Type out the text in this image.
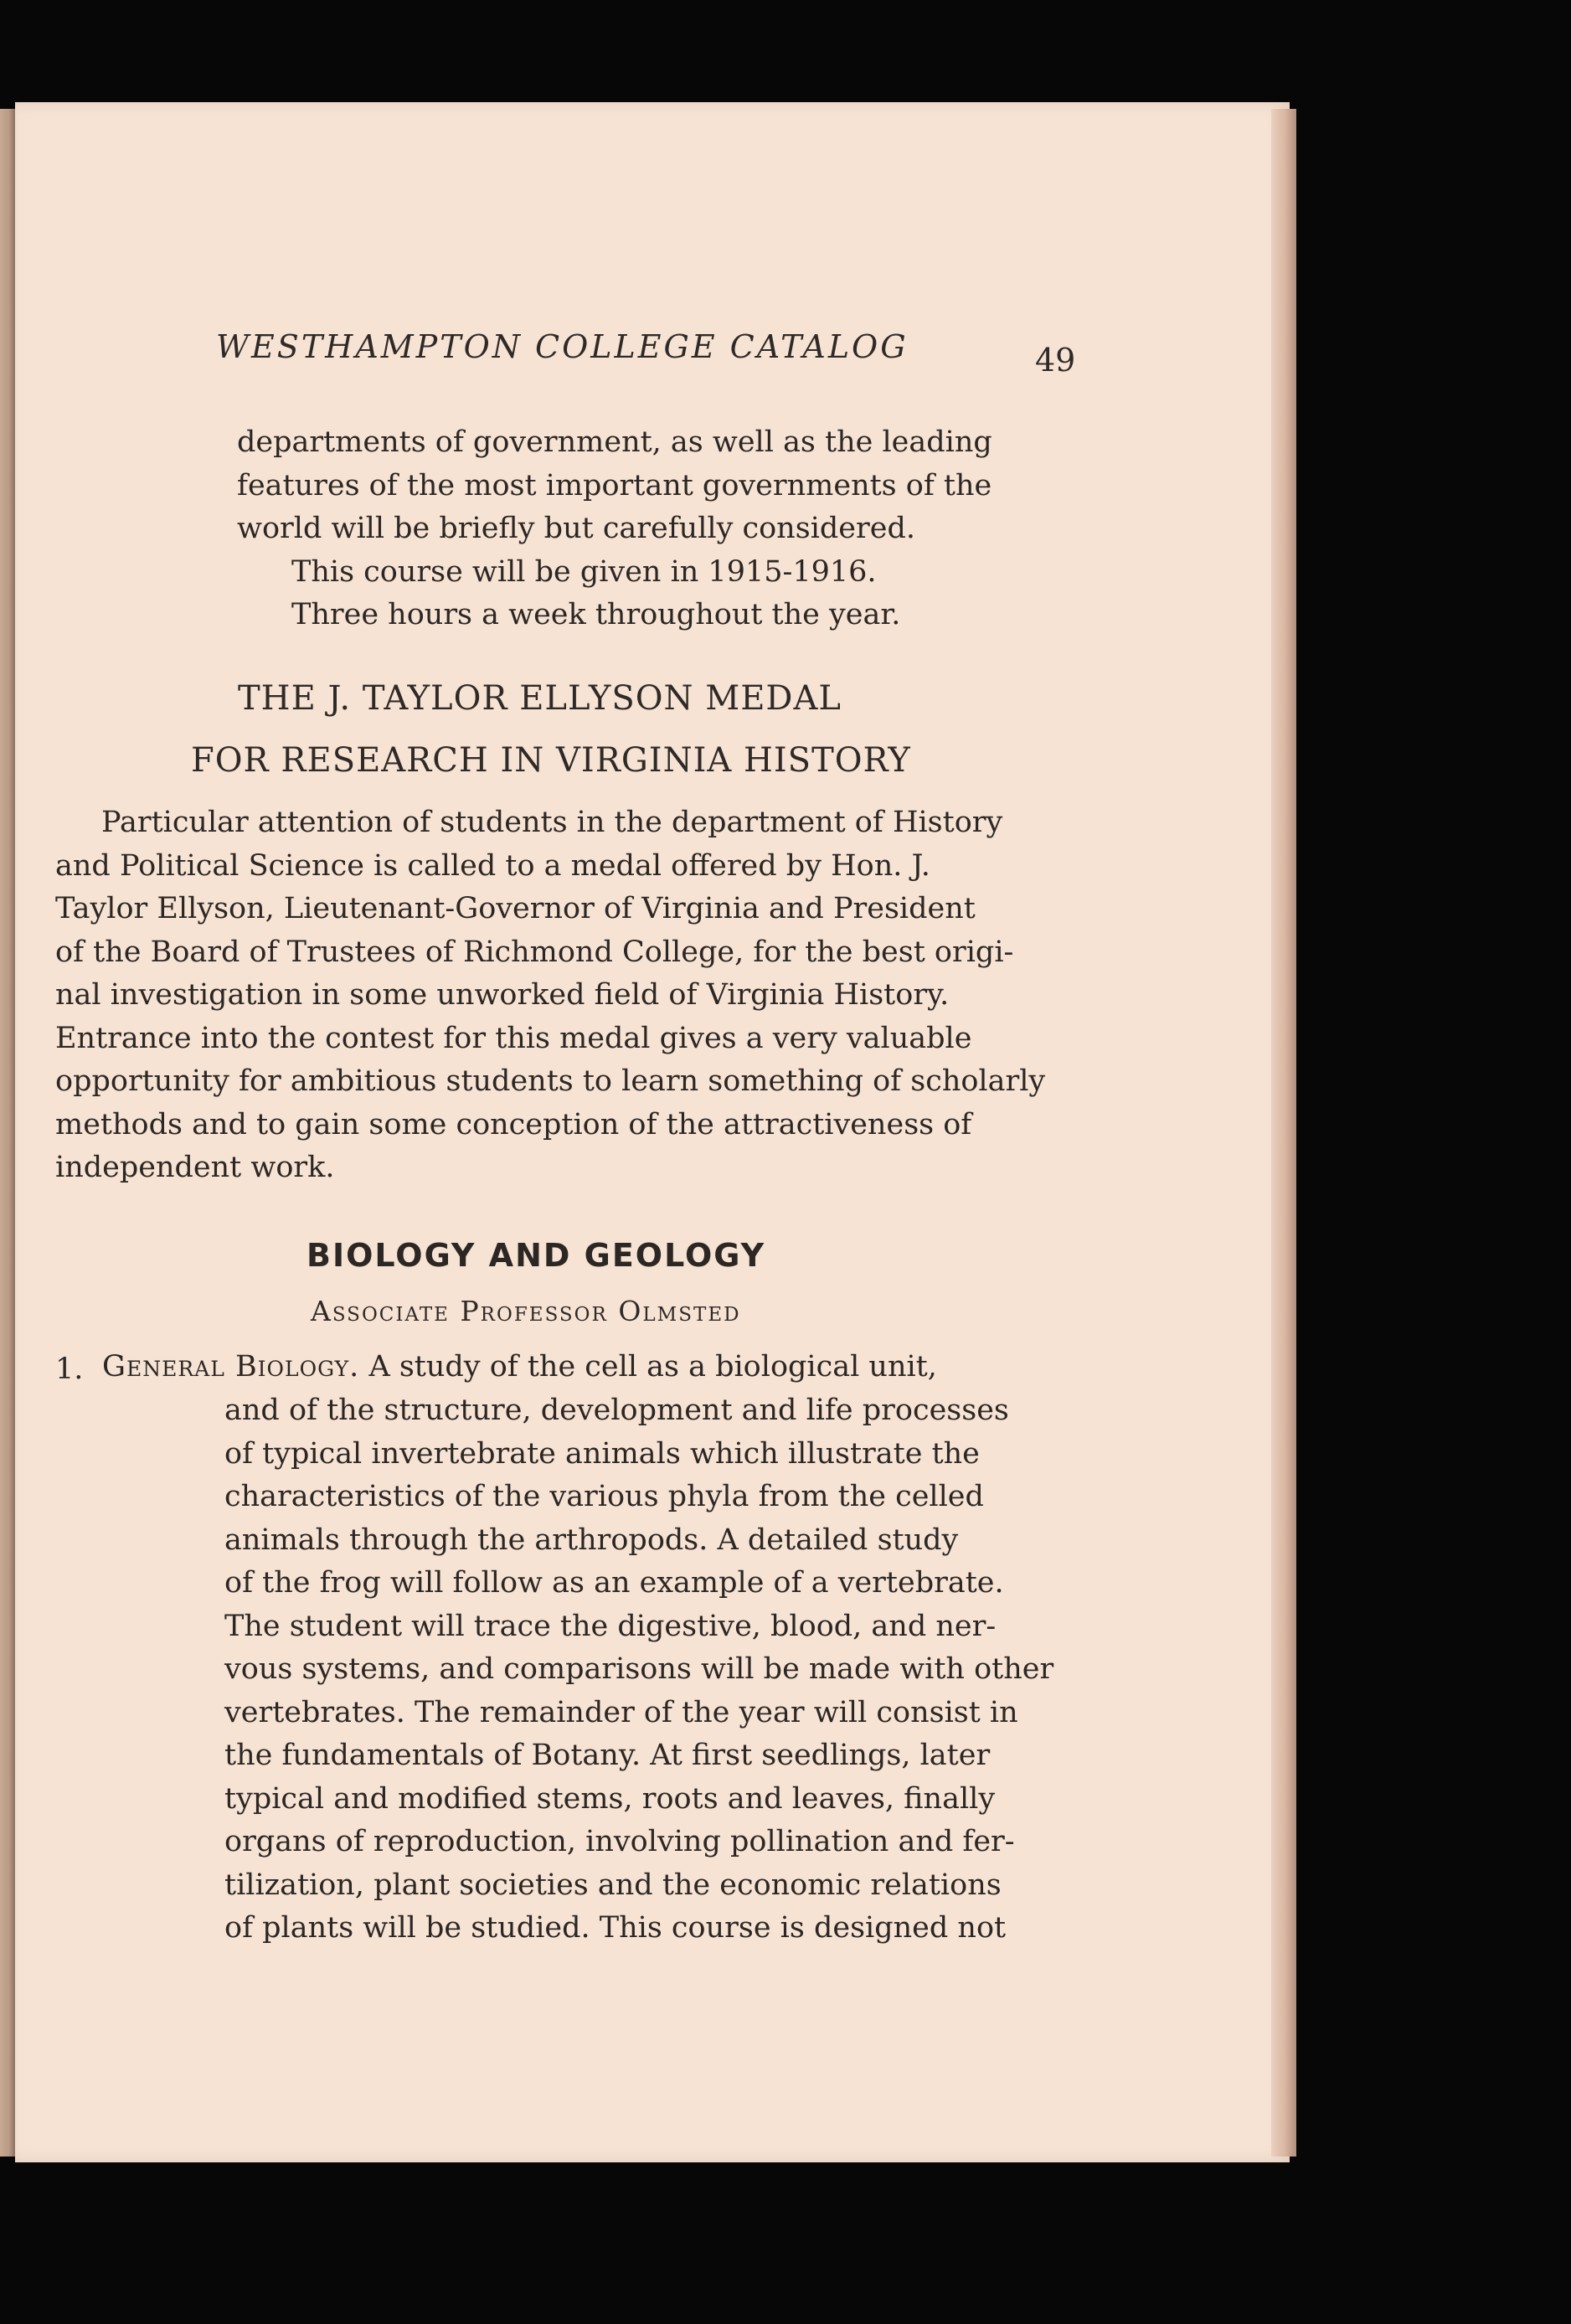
WESTHAMPTON COLLEGE CATALOG	49
departments of government, as well as the leading
features of the most important governments of the
world will be briefly but carefully considered.
This course will be given in 1915-1916.
Three hours a week throughout the year.
THE J. TAYLOR ELLYSON MEDAL
FOR RESEARCH IN VIRGINIA HISTORY
Particular attention of students in the department of History
and Political Science is called to a medal offered by Hon. J.
Taylor Ellyson, Lieutenant-Governor of Virginia and President
of the Board of Trustees of Richmond College, for the best origi-
nal investigation in some unworked field of Virginia History.
Entrance into the contest for this medal gives a very valuable
opportunity for ambitious students to learn something of scholarly
methods and to gain some conception of the attractiveness of
independent work.
BIOLOGY AND GEOLOGY
Associate Professor Olmsted
1. General Biology. A study of the cell as a biological unit,
and of the structure, development and life processes
of typical invertebrate animals which illustrate the
characteristics of the various phyla from the celled
animals through the arthropods. A detailed study
of the frog will follow as an example of a vertebrate.
The student will trace the digestive, blood, and ner-
vous systems, and comparisons will be made with other
vertebrates. The remainder of the year will consist in
the fundamentals of Botany. At first seedlings, later
typical and modified stems, roots and leaves, finally
organs of reproduction, involving pollination and fer-
tilization, plant societies and the economic relations
of plants will be studied. This course is designed not
